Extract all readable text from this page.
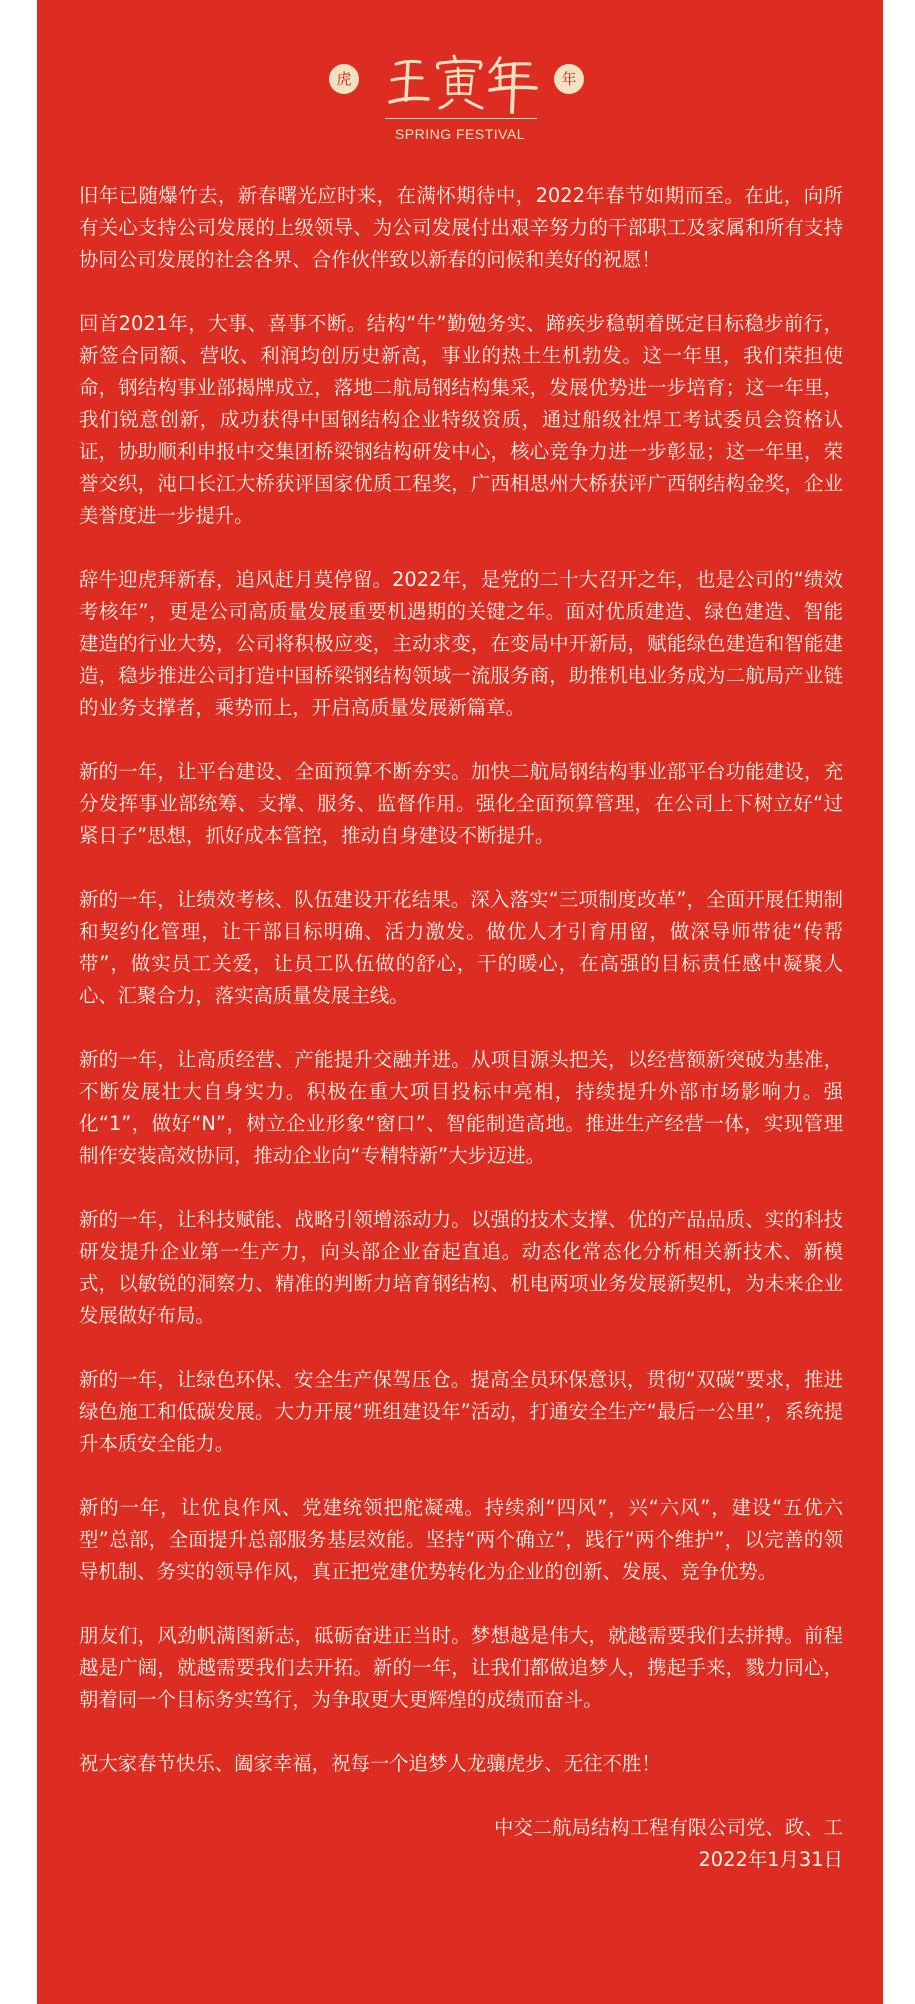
虎
SPRING FESTIVAL
年

旧年已随爆竹去，新春曙光应时来，在满怀期待中，2022年春节如期而至。在此，向所有关心支持公司发展的上级领导、为公司发展付出艰辛努力的干部职工及家属和所有支持协同公司发展的社会各界、合作伙伴致以新春的问候和美好的祝愿！

回首2021年，大事、喜事不断。结构“牛”勤勉务实、蹄疾步稳朝着既定目标稳步前行，新签合同额、营收、利润均创历史新高，事业的热土生机勃发。这一年里，我们荣担使命，钢结构事业部揭牌成立，落地二航局钢结构集采，发展优势进一步培育；这一年里，我们锐意创新，成功获得中国钢结构企业特级资质，通过船级社焊工考试委员会资格认证，协助顺利申报中交集团桥梁钢结构研发中心，核心竞争力进一步彰显；这一年里，荣誉交织，沌口长江大桥获评国家优质工程奖，广西相思州大桥获评广西钢结构金奖，企业美誉度进一步提升。

辞牛迎虎拜新春，追风赶月莫停留。2022年，是党的二十大召开之年，也是公司的“绩效考核年”，更是公司高质量发展重要机遇期的关键之年。面对优质建造、绿色建造、智能建造的行业大势，公司将积极应变，主动求变，在变局中开新局，赋能绿色建造和智能建造，稳步推进公司打造中国桥梁钢结构领域一流服务商，助推机电业务成为二航局产业链的业务支撑者，乘势而上，开启高质量发展新篇章。

新的一年，让平台建设、全面预算不断夯实。加快二航局钢结构事业部平台功能建设，充分发挥事业部统筹、支撑、服务、监督作用。强化全面预算管理，在公司上下树立好“过紧日子”思想，抓好成本管控，推动自身建设不断提升。

新的一年，让绩效考核、队伍建设开花结果。深入落实“三项制度改革”，全面开展任期制和契约化管理，让干部目标明确、活力激发。做优人才引育用留，做深导师带徒“传帮带”，做实员工关爱，让员工队伍做的舒心，干的暖心，在高强的目标责任感中凝聚人心、汇聚合力，落实高质量发展主线。

新的一年，让高质经营、产能提升交融并进。从项目源头把关，以经营额新突破为基准，不断发展壮大自身实力。积极在重大项目投标中亮相，持续提升外部市场影响力。强化“1”，做好“N”，树立企业形象“窗口”、智能制造高地。推进生产经营一体，实现管理制作安装高效协同，推动企业向“专精特新”大步迈进。

新的一年，让科技赋能、战略引领增添动力。以强的技术支撑、优的产品品质、实的科技研发提升企业第一生产力，向头部企业奋起直追。动态化常态化分析相关新技术、新模式，以敏锐的洞察力、精准的判断力培育钢结构、机电两项业务发展新契机，为未来企业发展做好布局。

新的一年，让绿色环保、安全生产保驾压仓。提高全员环保意识，贯彻“双碳”要求，推进绿色施工和低碳发展。大力开展“班组建设年”活动，打通安全生产“最后一公里”，系统提升本质安全能力。

新的一年，让优良作风、党建统领把舵凝魂。持续刹“四风”，兴“六风”，建设“五优六型”总部，全面提升总部服务基层效能。坚持“两个确立”，践行“两个维护”，以完善的领导机制、务实的领导作风，真正把党建优势转化为企业的创新、发展、竞争优势。

朋友们，风劲帆满图新志，砥砺奋进正当时。梦想越是伟大，就越需要我们去拼搏。前程越是广阔，就越需要我们去开拓。新的一年，让我们都做追梦人，携起手来，戮力同心，朝着同一个目标务实笃行，为争取更大更辉煌的成绩而奋斗。

祝大家春节快乐、阖家幸福，祝每一个追梦人龙骧虎步、无往不胜！

中交二航局结构工程有限公司党、政、工
2022年1月31日
